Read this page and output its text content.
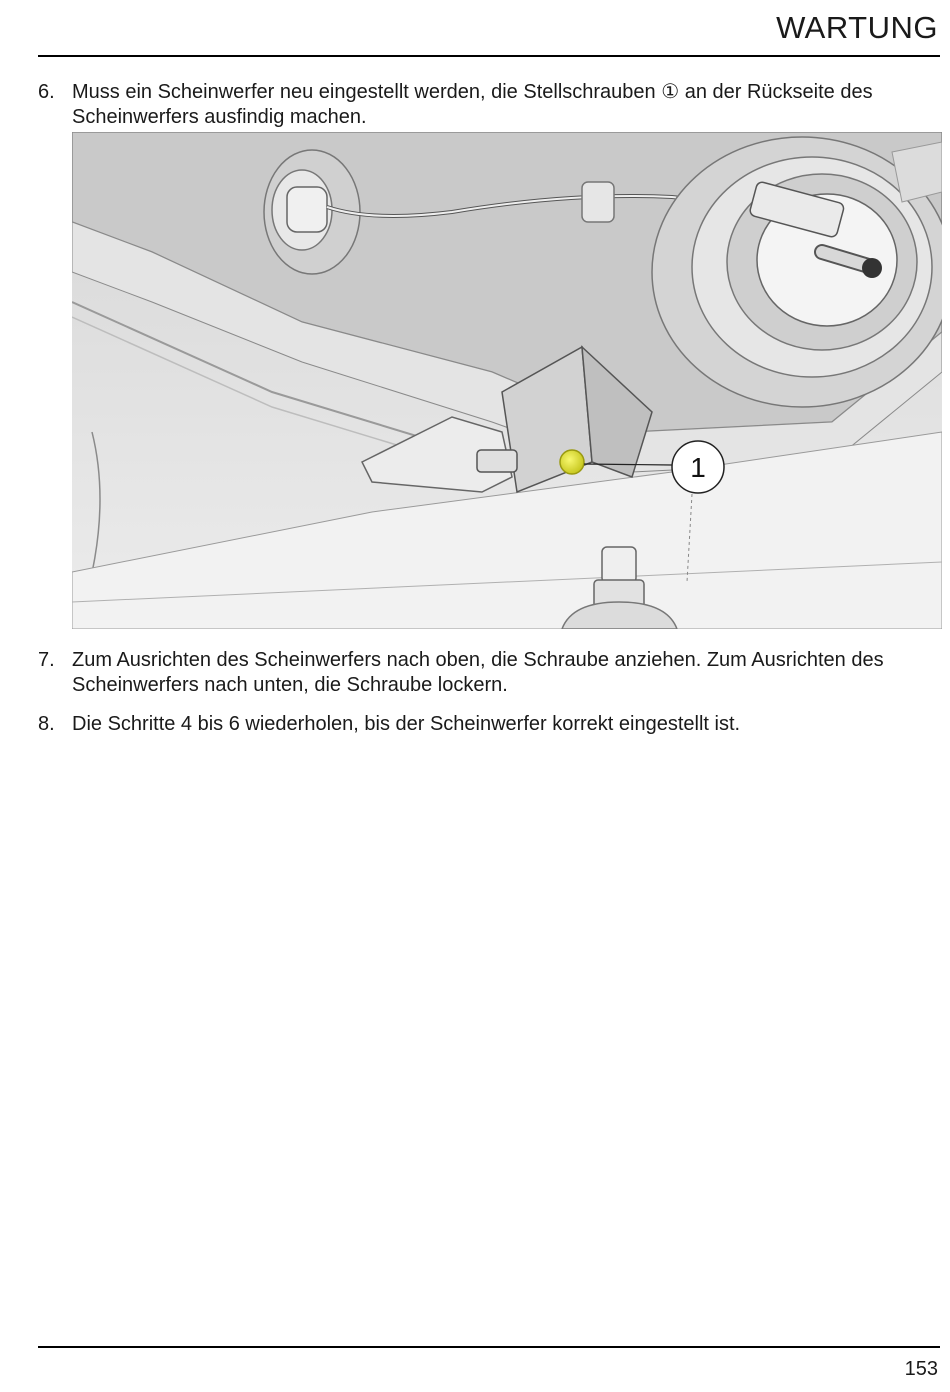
WARTUNG
6. Muss ein Scheinwerfer neu eingestellt werden, die Stellschrauben ① an der Rückseite des Scheinwerfers ausfindig machen.
1
7. Zum Ausrichten des Scheinwerfers nach oben, die Schraube anziehen. Zum Ausrichten des Scheinwerfers nach unten, die Schraube lockern.
8. Die Schritte 4 bis 6 wiederholen, bis der Scheinwerfer korrekt eingestellt ist.
153
